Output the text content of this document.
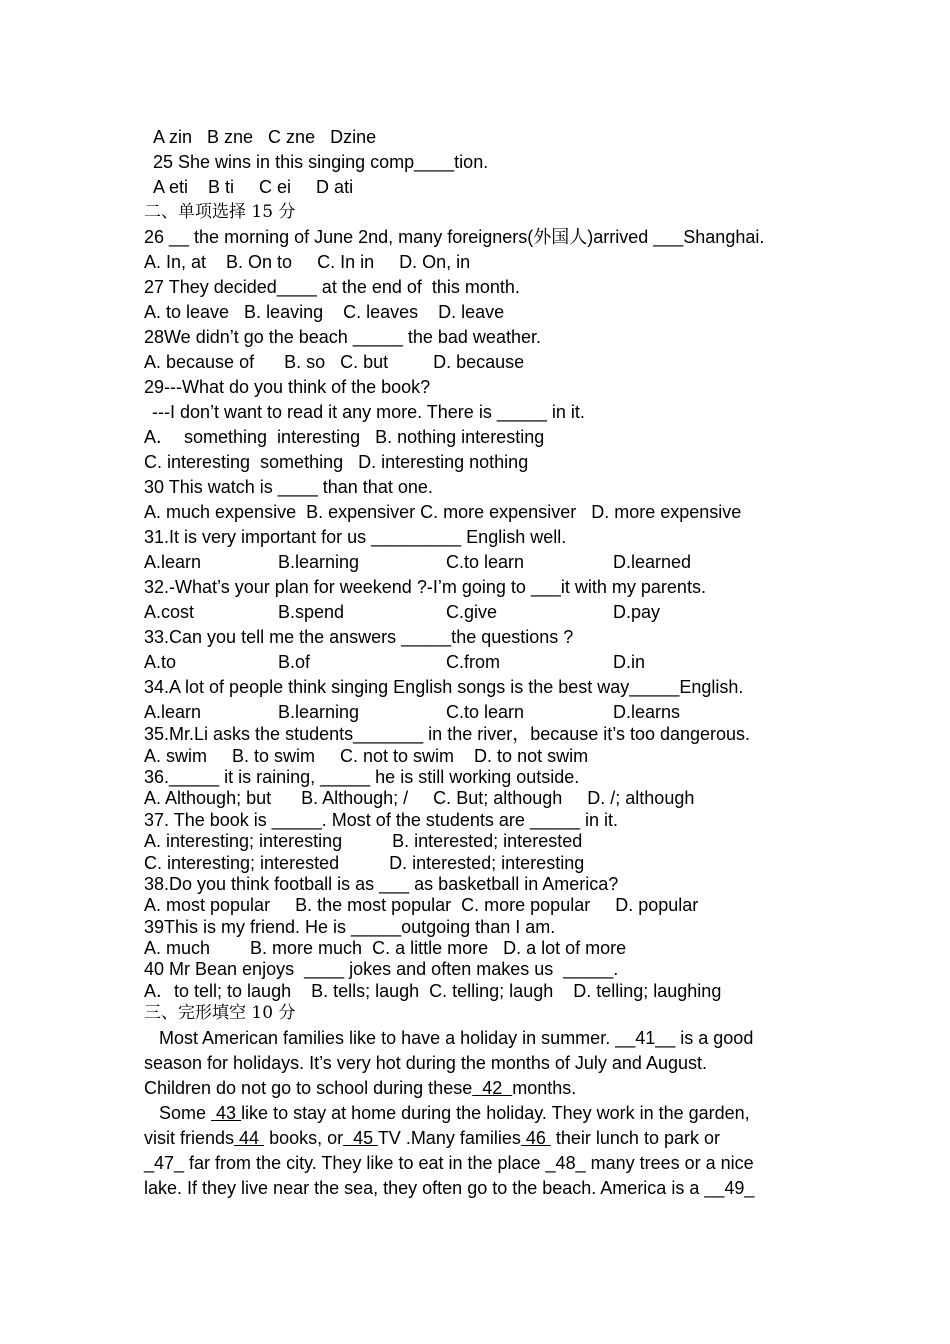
A zin   B zne   C zne   Dzine
25 She wins in this singing comp____tion.
A eti    B ti     C ei     D ati
二、单项选择 15 分
26 __ the morning of June 2nd, many foreigners(外国人)arrived ___Shanghai.
A. In, at    B. On to     C. In in     D. On, in
27 They decided____ at the end of  this month.
A. to leave   B. leaving    C. leaves    D. leave
28We didn’t go the beach _____ the bad weather.
A. because of      B. so   C. but         D. because
29---What do you think of the book?
---I don’t want to read it any more. There is _____ in it.
A．  something  interesting   B. nothing interesting
C. interesting  something   D. interesting nothing
30 This watch is ____ than that one.
A. much expensive  B. expensiver C. more expensiver   D. more expensive
31.It is very important for us _________ English well.

A.learn

	B.learning

	C.to learn

	D.learned

32.-What’s your plan for weekend ?-I’m going to ___it with my parents.

A.cost

	B.spend

	C.give

	D.pay

33.Can you tell me the answers _____the questions ?

A.to

	B.of

	C.from

	D.in

34.A lot of people think singing English songs is the best way_____English.

A.learn

	B.learning

	C.to learn

	D.learns

35.Mr.Li asks the students_______ in the river，because it’s too dangerous.
A. swim     B. to swim     C. not to swim    D. to not swim
36._____ it is raining, _____ he is still working outside.
A. Although; but      B. Although; /     C. But; although     D. /; although
37. The book is _____. Most of the students are _____ in it.
A. interesting; interesting          B. interested; interested
C. interesting; interested          D. interested; interesting
38.Do you think football is as ___ as basketball in America?
A. most popular     B. the most popular  C. more popular     D. popular
39This is my friend. He is _____outgoing than I am.
A. much        B. more much  C. a little more   D. a lot of more
40 Mr Bean enjoys  ____ jokes and often makes us  _____.
A．to tell; to laugh    B. tells; laugh  C. telling; laugh    D. telling; laughing
三、完形填空 10 分
Most American families like to have a holiday in summer. __41__ is a good
season for holidays. It’s very hot during the months of July and August.
Children do not go to school during these  42  months.
Some  43 like to stay at home during the holiday. They work in the garden,
visit friends 44  books, or  45 TV .Many families 46  their lunch to park or
_47_ far from the city. They like to eat in the place _48_ many trees or a nice
lake. If they live near the sea, they often go to the beach. America is a __49_
